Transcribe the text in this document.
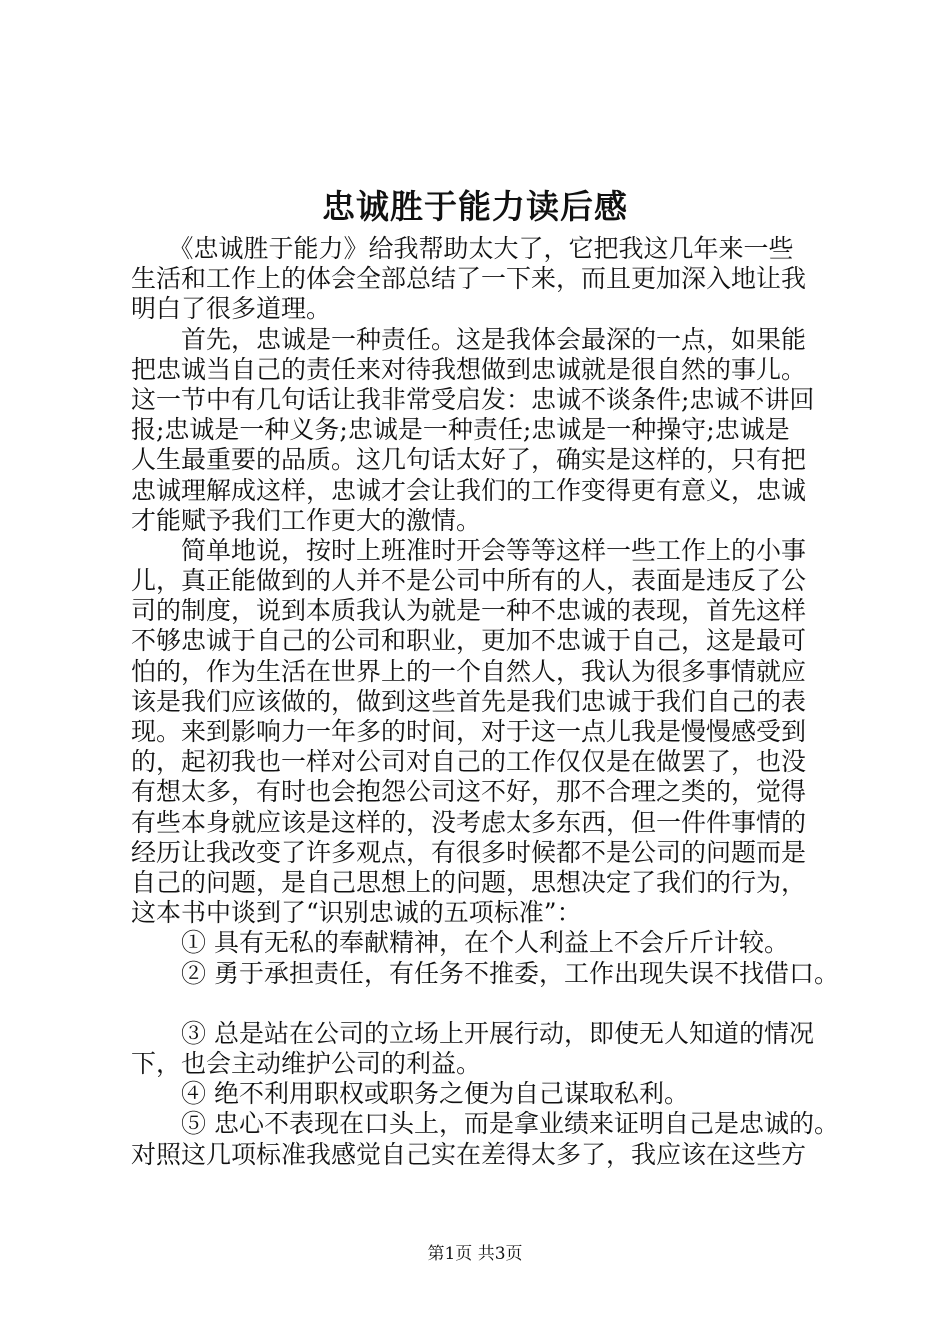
忠诚胜于能力读后感
　　《忠诚胜于能力》给我帮助太大了，它把我这几年来一些
生活和工作上的体会全部总结了一下来，而且更加深入地让我
明白了很多道理。
　　首先，忠诚是一种责任。这是我体会最深的一点，如果能
把忠诚当自己的责任来对待我想做到忠诚就是很自然的事儿。
这一节中有几句话让我非常受启发：忠诚不谈条件;忠诚不讲回
报;忠诚是一种义务;忠诚是一种责任;忠诚是一种操守;忠诚是
人生最重要的品质。这几句话太好了，确实是这样的，只有把
忠诚理解成这样，忠诚才会让我们的工作变得更有意义，忠诚
才能赋予我们工作更大的激情。
　　简单地说，按时上班准时开会等等这样一些工作上的小事
儿，真正能做到的人并不是公司中所有的人，表面是违反了公
司的制度，说到本质我认为就是一种不忠诚的表现，首先这样
不够忠诚于自己的公司和职业，更加不忠诚于自己，这是最可
怕的，作为生活在世界上的一个自然人，我认为很多事情就应
该是我们应该做的，做到这些首先是我们忠诚于我们自己的表
现。来到影响力一年多的时间，对于这一点儿我是慢慢感受到
的，起初我也一样对公司对自己的工作仅仅是在做罢了，也没
有想太多，有时也会抱怨公司这不好，那不合理之类的，觉得
有些本身就应该是这样的，没考虑太多东西，但一件件事情的
经历让我改变了许多观点，有很多时候都不是公司的问题而是
自己的问题，是自己思想上的问题，思想决定了我们的行为，
这本书中谈到了“识别忠诚的五项标准”：
　　① 具有无私的奉献精神，在个人利益上不会斤斤计较。
　　② 勇于承担责任，有任务不推委，工作出现失误不找借口。
　　③ 总是站在公司的立场上开展行动，即使无人知道的情况
下，也会主动维护公司的利益。
　　④ 绝不利用职权或职务之便为自己谋取私利。
　　⑤ 忠心不表现在口头上，而是拿业绩来证明自己是忠诚的。
对照这几项标准我感觉自己实在差得太多了，我应该在这些方
第1页 共3页
